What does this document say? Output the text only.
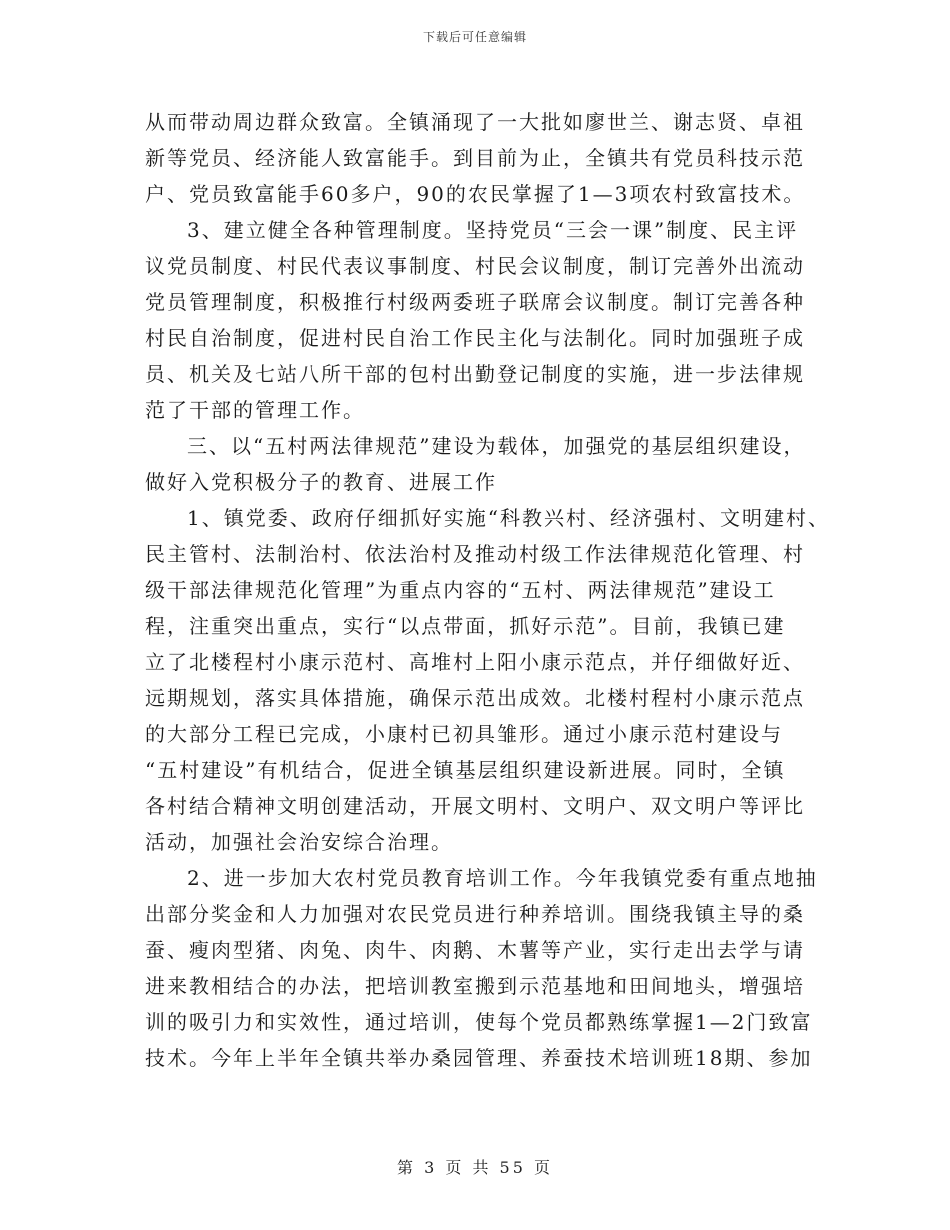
下载后可任意编辑
从而带动周边群众致富。全镇涌现了一大批如廖世兰、谢志贤、卓祖
新等党员、经济能人致富能手。到目前为止，全镇共有党员科技示范
户、党员致富能手60多户，90的农民掌握了1—3项农村致富技术。
3、建立健全各种管理制度。坚持党员“三会一课”制度、民主评
议党员制度、村民代表议事制度、村民会议制度，制订完善外出流动
党员管理制度，积极推行村级两委班子联席会议制度。制订完善各种
村民自治制度，促进村民自治工作民主化与法制化。同时加强班子成
员、机关及七站八所干部的包村出勤登记制度的实施，进一步法律规
范了干部的管理工作。
三、以“五村两法律规范”建设为载体，加强党的基层组织建设，
做好入党积极分子的教育、进展工作
1、镇党委、政府仔细抓好实施“科教兴村、经济强村、文明建村、
民主管村、法制治村、依法治村及推动村级工作法律规范化管理、村
级干部法律规范化管理”为重点内容的“五村、两法律规范”建设工
程，注重突出重点，实行“以点带面，抓好示范”。目前，我镇已建
立了北楼程村小康示范村、高堆村上阳小康示范点，并仔细做好近、
远期规划，落实具体措施，确保示范出成效。北楼村程村小康示范点
的大部分工程已完成，小康村已初具雏形。通过小康示范村建设与
“五村建设”有机结合，促进全镇基层组织建设新进展。同时，全镇
各村结合精神文明创建活动，开展文明村、文明户、双文明户等评比
活动，加强社会治安综合治理。
2、进一步加大农村党员教育培训工作。今年我镇党委有重点地抽
出部分奖金和人力加强对农民党员进行种养培训。围绕我镇主导的桑
蚕、瘦肉型猪、肉兔、肉牛、肉鹅、木薯等产业，实行走出去学与请
进来教相结合的办法，把培训教室搬到示范基地和田间地头，增强培
训的吸引力和实效性，通过培训，使每个党员都熟练掌握1—2门致富
技术。今年上半年全镇共举办桑园管理、养蚕技术培训班18期、参加
第 3 页 共 55 页
